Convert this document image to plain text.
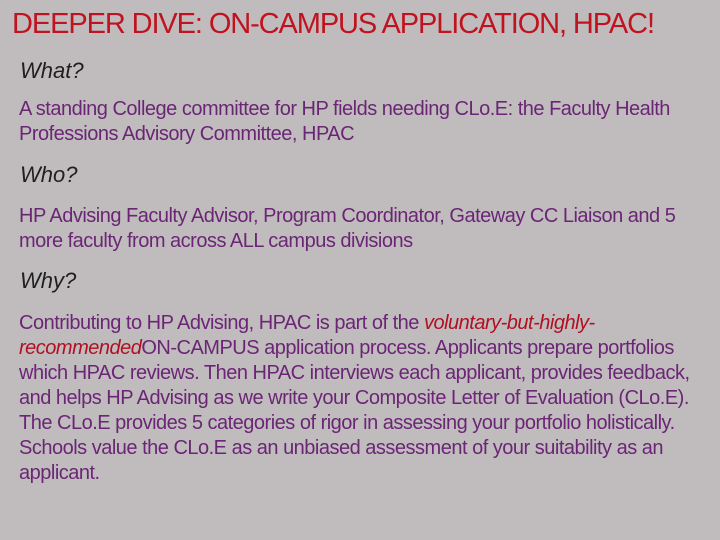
DEEPER DIVE: ON-CAMPUS APPLICATION, HPAC!
What?
A standing College committee for HP fields needing CLo.E: the Faculty Health Professions Advisory Committee, HPAC
Who?
HP Advising Faculty Advisor, Program Coordinator, Gateway CC Liaison and 5 more faculty from across ALL campus divisions
Why?
Contributing to HP Advising, HPAC is part of the voluntary-but-highly-recommendedON-CAMPUS application process. Applicants prepare portfolios which HPAC reviews. Then HPAC interviews each applicant, provides feedback, and helps HP Advising as we write your Composite Letter of Evaluation (CLo.E). The CLo.E provides 5 categories of rigor in assessing your portfolio holistically. Schools value the CLo.E as an unbiased assessment of your suitability as an applicant.
